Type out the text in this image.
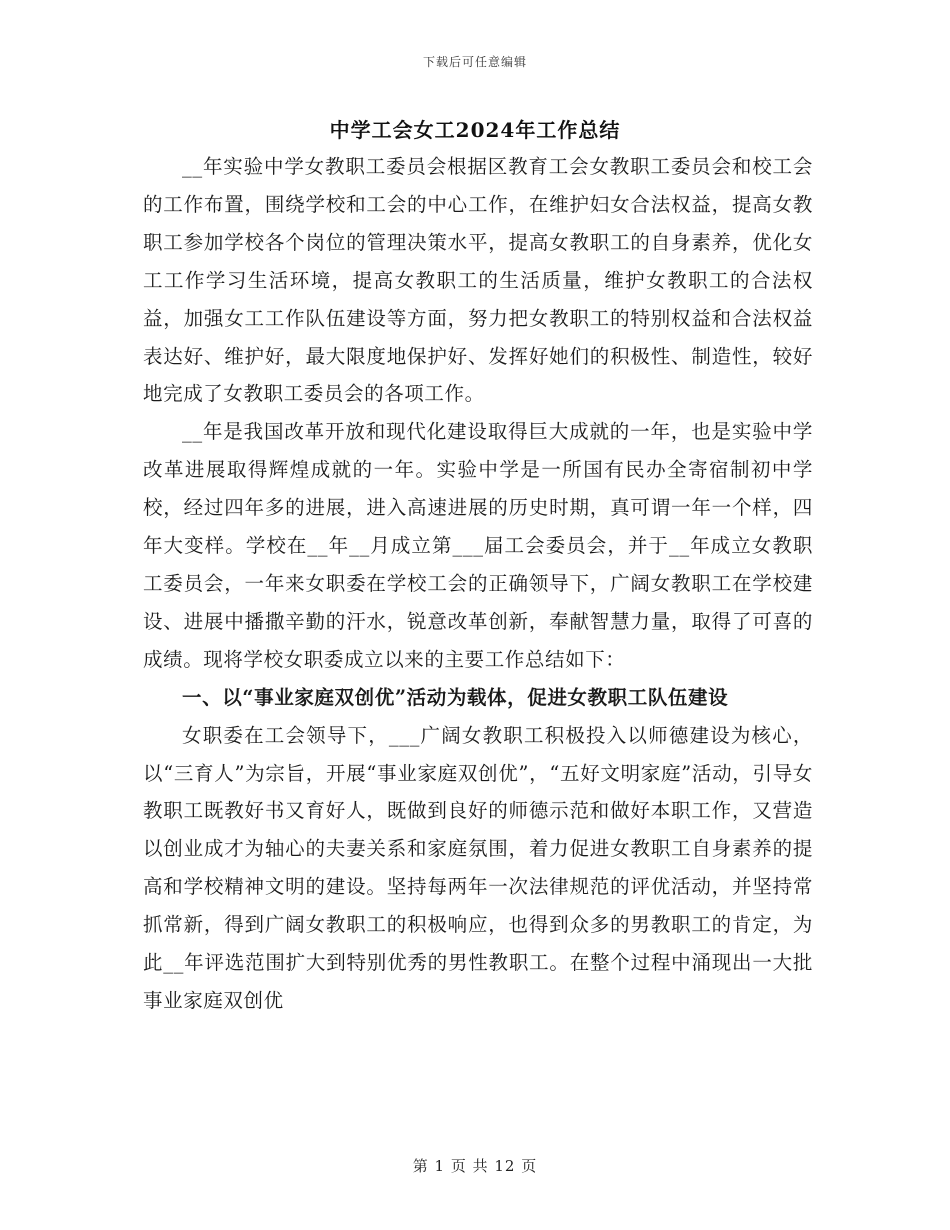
下载后可任意编辑
中学工会女工2024年工作总结

__年实验中学女教职工委员会根据区教育工会女教职工委员会和校工会的工作布置，围绕学校和工会的中心工作，在维护妇女合法权益，提高女教职工参加学校各个岗位的管理决策水平，提高女教职工的自身素养，优化女工工作学习生活环境，提高女教职工的生活质量，维护女教职工的合法权益，加强女工工作队伍建设等方面，努力把女教职工的特别权益和合法权益表达好、维护好，最大限度地保护好、发挥好她们的积极性、制造性，较好地完成了女教职工委员会的各项工作。

__年是我国改革开放和现代化建设取得巨大成就的一年，也是实验中学改革进展取得辉煌成就的一年。实验中学是一所国有民办全寄宿制初中学校，经过四年多的进展，进入高速进展的历史时期，真可谓一年一个样，四年大变样。学校在__年__月成立第___届工会委员会，并于__年成立女教职工委员会，一年来女职委在学校工会的正确领导下，广阔女教职工在学校建设、进展中播撒辛勤的汗水，锐意改革创新，奉献智慧力量，取得了可喜的成绩。现将学校女职委成立以来的主要工作总结如下：

一、以“事业家庭双创优”活动为载体，促进女教职工队伍建设

女职委在工会领导下，___广阔女教职工积极投入以师德建设为核心，以“三育人”为宗旨，开展“事业家庭双创优”，“五好文明家庭”活动，引导女教职工既教好书又育好人，既做到良好的师德示范和做好本职工作，又营造以创业成才为轴心的夫妻关系和家庭氛围，着力促进女教职工自身素养的提高和学校精神文明的建设。坚持每两年一次法律规范的评优活动，并坚持常抓常新，得到广阔女教职工的积极响应，也得到众多的男教职工的肯定，为此__年评选范围扩大到特别优秀的男性教职工。在整个过程中涌现出一大批事业家庭双创优

第 1 页 共 12 页
